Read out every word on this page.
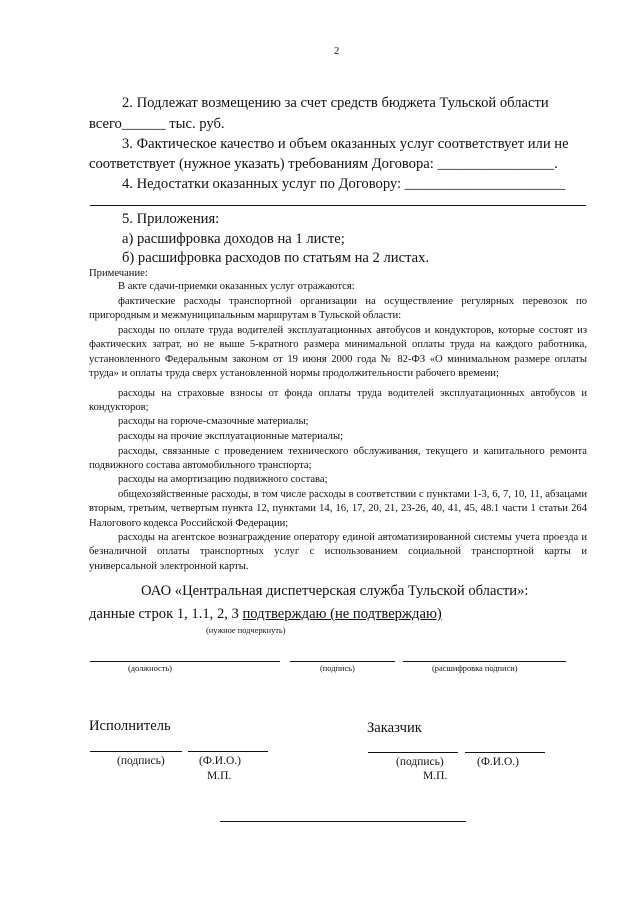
2
2. Подлежат возмещению за счет средств бюджета Тульской области
всего______ тыс. руб.
3. Фактическое качество и объем оказанных услуг соответствует или не
соответствует (нужное указать) требованиям Договора: ________________.
4. Недостатки оказанных услуг по Договору: ______________________
5. Приложения:
а) расшифровка доходов на 1 листе;
б) расшифровка расходов по статьям на 2 листах.
Примечание:
В акте сдачи-приемки оказанных услуг отражаются:
фактические расходы транспортной организации на осуществление регулярных перевозок по пригородным и межмуниципальным маршрутам в Тульской области:
расходы по оплате труда водителей эксплуатационных автобусов и кондукторов, которые состоят из фактических затрат, но не выше 5-кратного размера минимальной оплаты труда на каждого работника, установленного Федеральным законом от 19 июня 2000 года № 82-ФЗ «О минимальном размере оплаты труда» и оплаты труда сверх установленной нормы продолжительности рабочего времени;
расходы на страховые взносы от фонда оплаты труда водителей эксплуатационных автобусов и кондукторов;
расходы на горюче-смазочные материалы;
расходы на прочие эксплуатационные материалы;
расходы, связанные с проведением технического обслуживания, текущего и капитального ремонта подвижного состава автомобильного транспорта;
расходы на амортизацию подвижного состава;
общехозяйственные расходы, в том числе расходы в соответствии с пунктами 1-3, 6, 7, 10, 11, абзацами вторым, третьим, четвертым пункта 12, пунктами 14, 16, 17, 20, 21, 23-26, 40, 41, 45, 48.1 части 1 статьи 264 Налогового кодекса Российской Федерации;
расходы на агентское вознаграждение оператору единой автоматизированной системы учета проезда и безналичной оплаты транспортных услуг с использованием социальной транспортной карты и универсальной электронной карты.
ОАО «Центральная диспетчерская служба Тульской области»:
данные строк 1, 1.1, 2, 3 подтверждаю (не подтверждаю)
(нужное подчеркнуть)
(должность)	(подпись)	(расшифровка подписи)
Исполнитель
(подпись)	(Ф.И.О.)
М.П.
Заказчик
(подпись)	(Ф.И.О.)
М.П.
